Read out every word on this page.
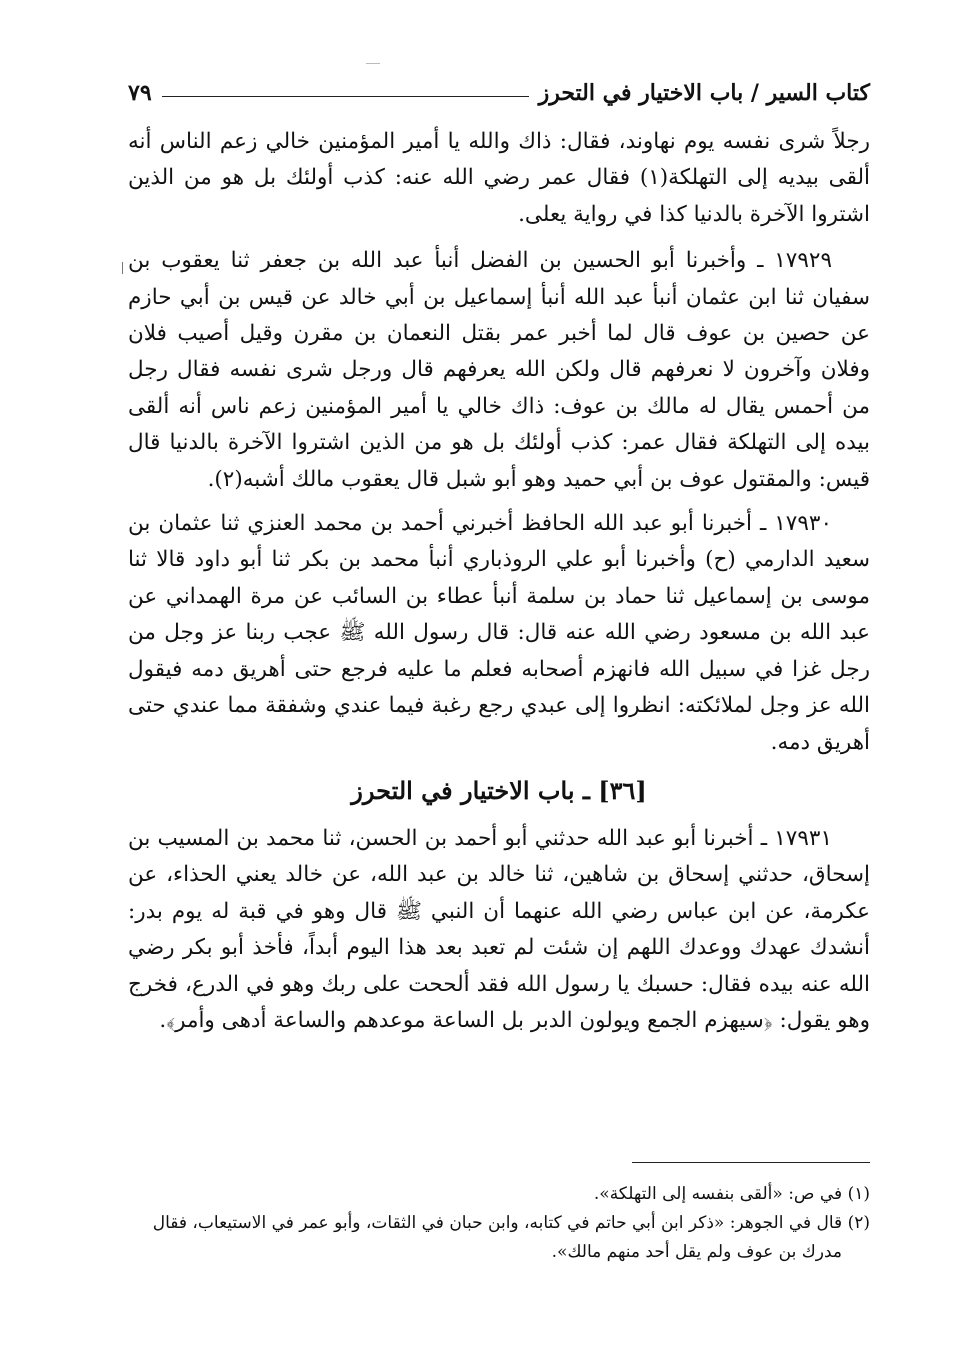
كتاب السير / باب الاختيار في التحرز
٧٩

رجلاً شرى نفسه يوم نهاوند، فقال: ذاك والله يا أمير المؤمنين خالي زعم الناس أنه ألقى بيديه إلى التهلكة(١) فقال عمر رضي الله عنه: كذب أولئك بل هو من الذين اشتروا الآخرة بالدنيا كذا في رواية يعلى.

١٧٩٢٩ ـ وأخبرنا أبو الحسين بن الفضل أنبأ عبد الله بن جعفر ثنا يعقوب بن سفيان ثنا ابن عثمان أنبأ عبد الله أنبأ إسماعيل بن أبي خالد عن قيس بن أبي حازم عن حصين بن عوف قال لما أخبر عمر بقتل النعمان بن مقرن وقيل أصيب فلان وفلان وآخرون لا نعرفهم قال ولكن الله يعرفهم قال ورجل شرى نفسه فقال رجل من أحمس يقال له مالك بن عوف: ذاك خالي يا أمير المؤمنين زعم ناس أنه ألقى بيده إلى التهلكة فقال عمر: كذب أولئك بل هو من الذين اشتروا الآخرة بالدنيا قال قيس: والمقتول عوف بن أبي حميد وهو أبو شبل قال يعقوب مالك أشبه(٢).

١٧٩٣٠ ـ أخبرنا أبو عبد الله الحافظ أخبرني أحمد بن محمد العنزي ثنا عثمان بن سعيد الدارمي (ح) وأخبرنا أبو علي الروذباري أنبأ محمد بن بكر ثنا أبو داود قالا ثنا موسى بن إسماعيل ثنا حماد بن سلمة أنبأ عطاء بن السائب عن مرة الهمداني عن عبد الله بن مسعود رضي الله عنه قال: قال رسول الله ﷺ عجب ربنا عز وجل من رجل غزا في سبيل الله فانهزم أصحابه فعلم ما عليه فرجع حتى أهريق دمه فيقول الله عز وجل لملائكته: انظروا إلى عبدي رجع رغبة فيما عندي وشفقة مما عندي حتى أهريق دمه.

[٣٦] ـ باب الاختيار في التحرز

١٧٩٣١ ـ أخبرنا أبو عبد الله حدثني أبو أحمد بن الحسن، ثنا محمد بن المسيب بن إسحاق، حدثني إسحاق بن شاهين، ثنا خالد بن عبد الله، عن خالد يعني الحذاء، عن عكرمة، عن ابن عباس رضي الله عنهما أن النبي ﷺ قال وهو في قبة له يوم بدر: أنشدك عهدك ووعدك اللهم إن شئت لم تعبد بعد هذا اليوم أبداً، فأخذ أبو بكر رضي الله عنه بيده فقال: حسبك يا رسول الله فقد ألححت على ربك وهو في الدرع، فخرج وهو يقول: ﴿سيهزم الجمع ويولون الدبر بل الساعة موعدهم والساعة أدهى وأمر﴾.

(١) في ص: «ألقى بنفسه إلى التهلكة».

(٢) قال في الجوهر: «ذكر ابن أبي حاتم في كتابه، وابن حبان في الثقات، وأبو عمر في الاستيعاب، فقال

مدرك بن عوف ولم يقل أحد منهم مالك».
